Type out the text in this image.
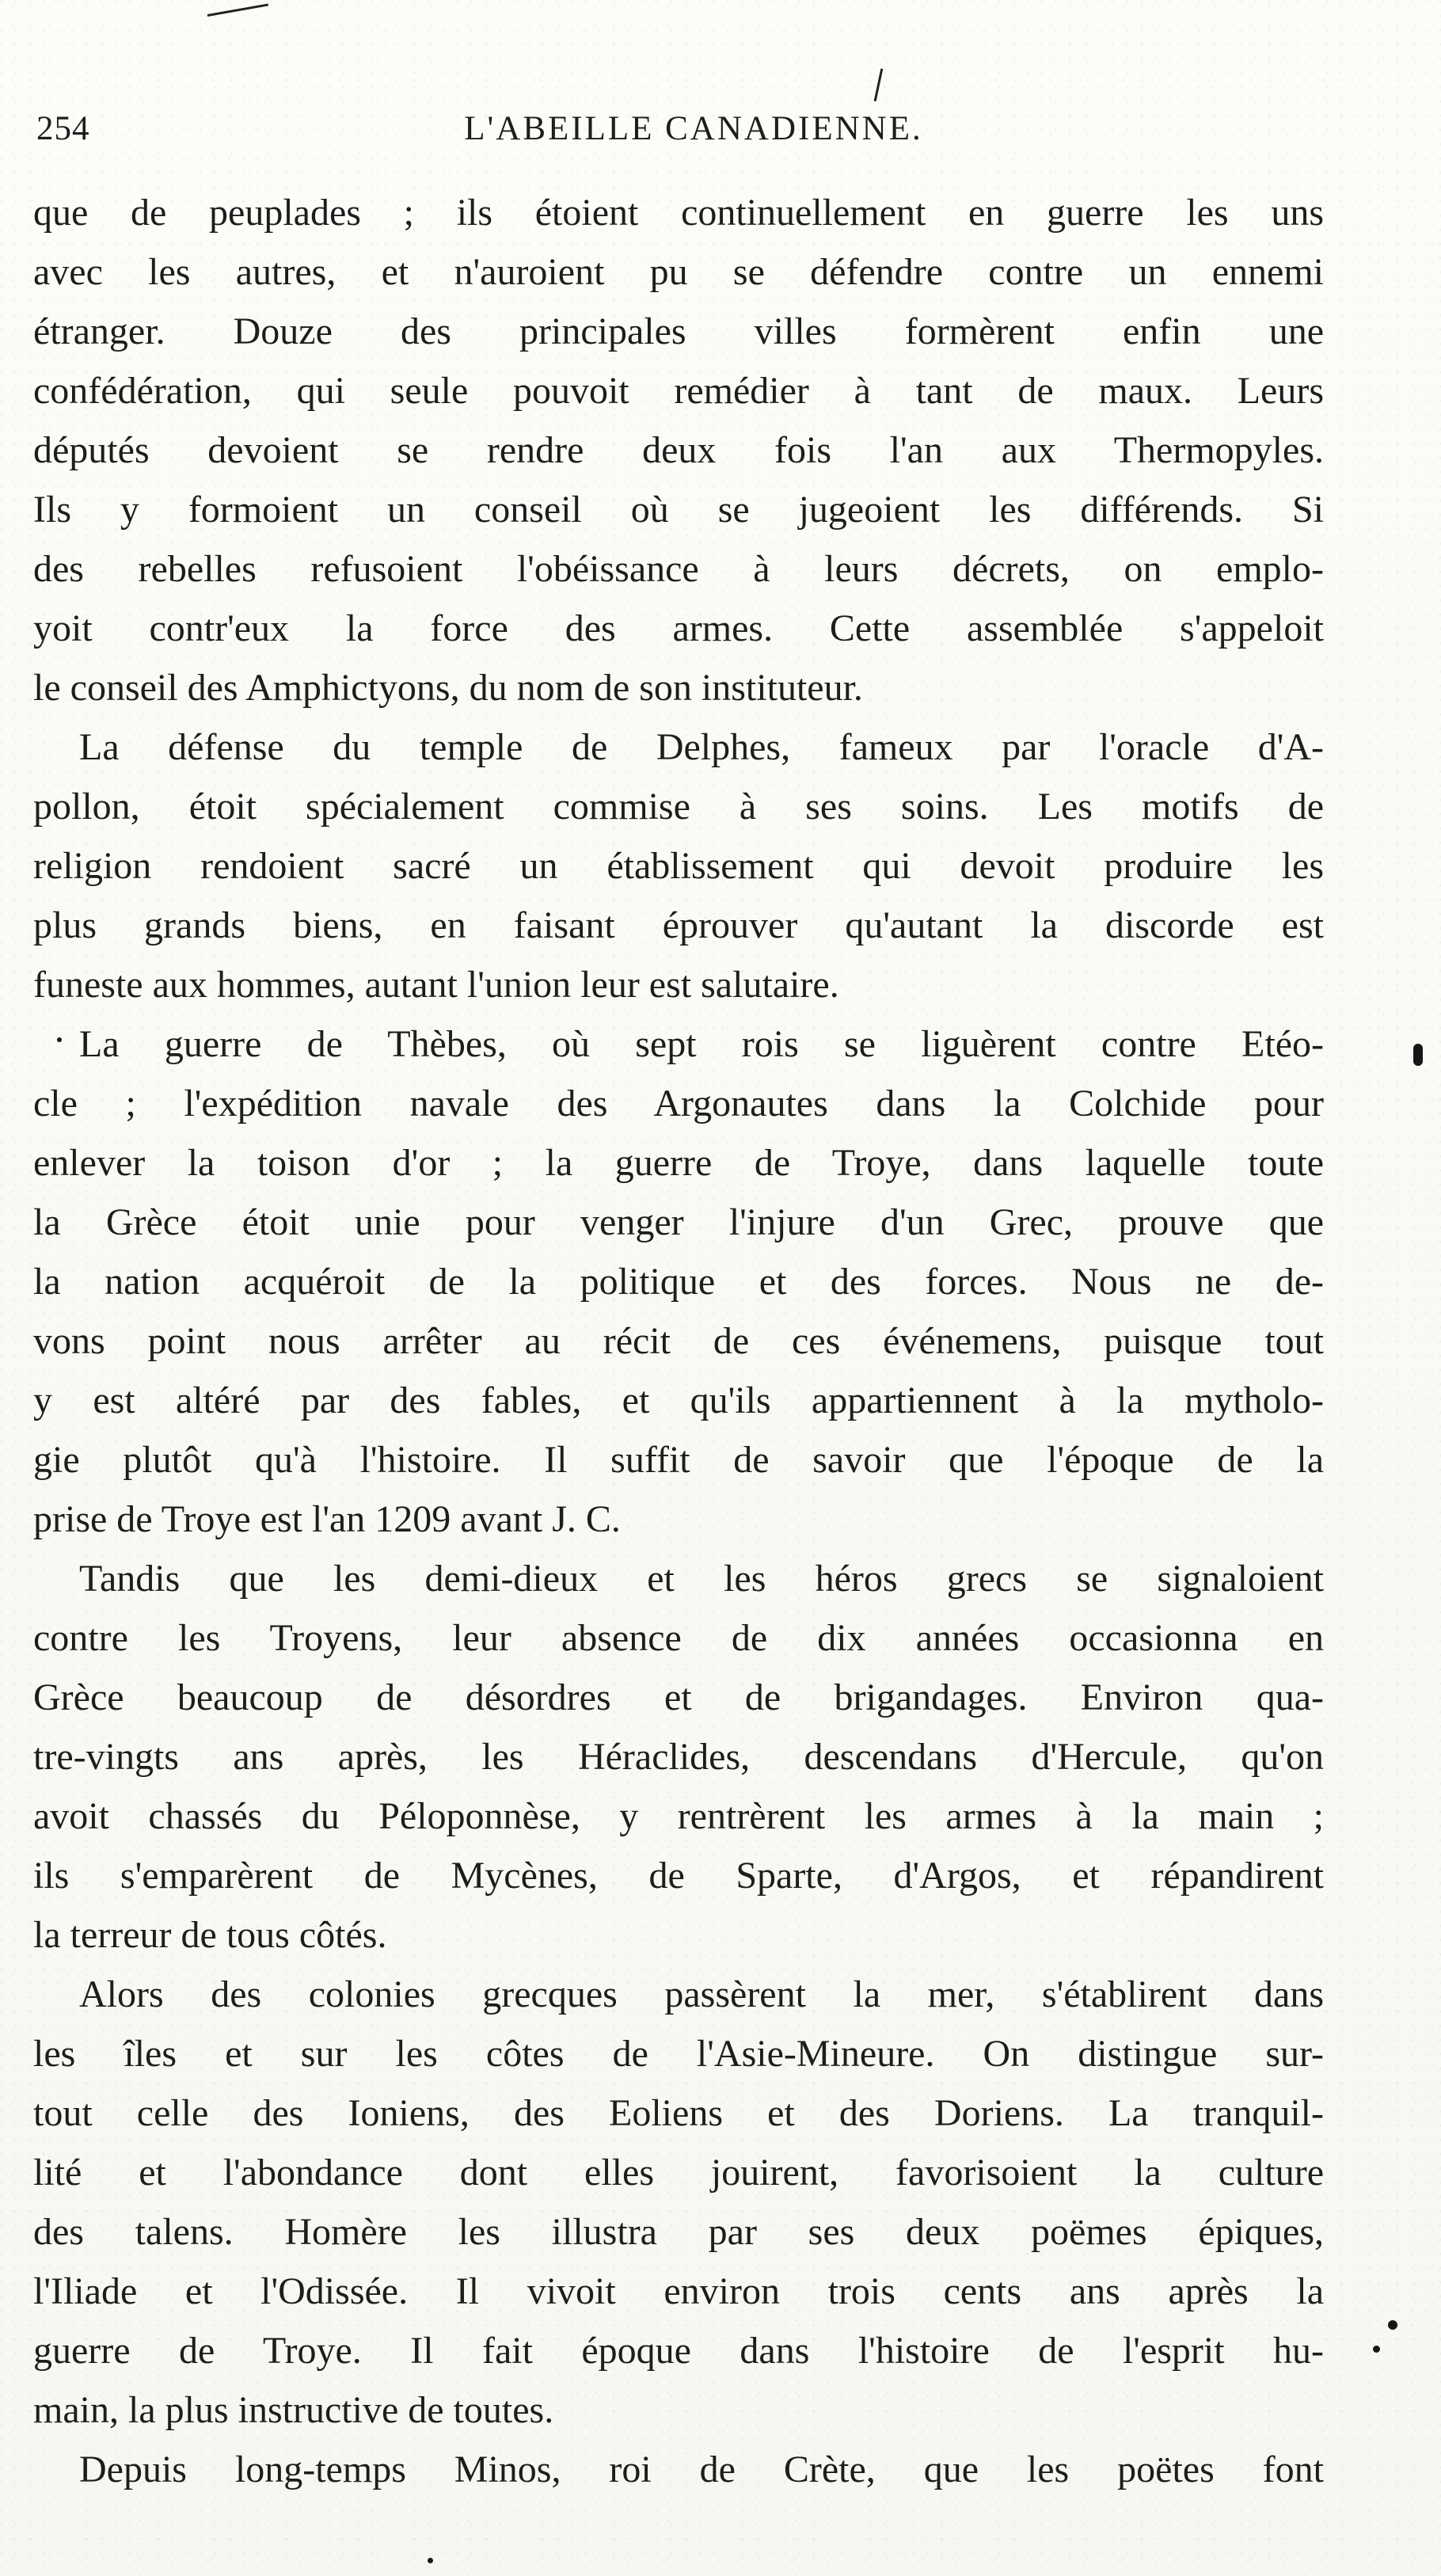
254	L'ABEILLE CANADIENNE.
que de peuplades ; ils étoient continuellement en guerre les uns
avec les autres, et n'auroient pu se défendre contre un ennemi
étranger. Douze des principales villes formèrent enfin une
confédération, qui seule pouvoit remédier à tant de maux. Leurs
députés devoient se rendre deux fois l'an aux Thermopyles.
Ils y formoient un conseil où se jugeoient les différends. Si
des rebelles refusoient l'obéissance à leurs décrets, on emplo-
yoit contr'eux la force des armes. Cette assemblée s'appeloit
le conseil des Amphictyons, du nom de son instituteur.
La défense du temple de Delphes, fameux par l'oracle d'A-
pollon, étoit spécialement commise à ses soins. Les motifs de
religion rendoient sacré un établissement qui devoit produire les
plus grands biens, en faisant éprouver qu'autant la discorde est
funeste aux hommes, autant l'union leur est salutaire.
La guerre de Thèbes, où sept rois se liguèrent contre Etéo-
cle ; l'expédition navale des Argonautes dans la Colchide pour
enlever la toison d'or ; la guerre de Troye, dans laquelle toute
la Grèce étoit unie pour venger l'injure d'un Grec, prouve que
la nation acquéroit de la politique et des forces. Nous ne de-
vons point nous arrêter au récit de ces événemens, puisque tout
y est altéré par des fables, et qu'ils appartiennent à la mytholo-
gie plutôt qu'à l'histoire. Il suffit de savoir que l'époque de la
prise de Troye est l'an 1209 avant J. C.
Tandis que les demi-dieux et les héros grecs se signaloient
contre les Troyens, leur absence de dix années occasionna en
Grèce beaucoup de désordres et de brigandages. Environ qua-
tre-vingts ans après, les Héraclides, descendans d'Hercule, qu'on
avoit chassés du Péloponnèse, y rentrèrent les armes à la main ;
ils s'emparèrent de Mycènes, de Sparte, d'Argos, et répandirent
la terreur de tous côtés.
Alors des colonies grecques passèrent la mer, s'établirent dans
les îles et sur les côtes de l'Asie-Mineure. On distingue sur-
tout celle des Ioniens, des Eoliens et des Doriens. La tranquil-
lité et l'abondance dont elles jouirent, favorisoient la culture
des talens. Homère les illustra par ses deux poëmes épiques,
l'Iliade et l'Odissée. Il vivoit environ trois cents ans après la
guerre de Troye. Il fait époque dans l'histoire de l'esprit hu-
main, la plus instructive de toutes.
Depuis long-temps Minos, roi de Crète, que les poëtes font
